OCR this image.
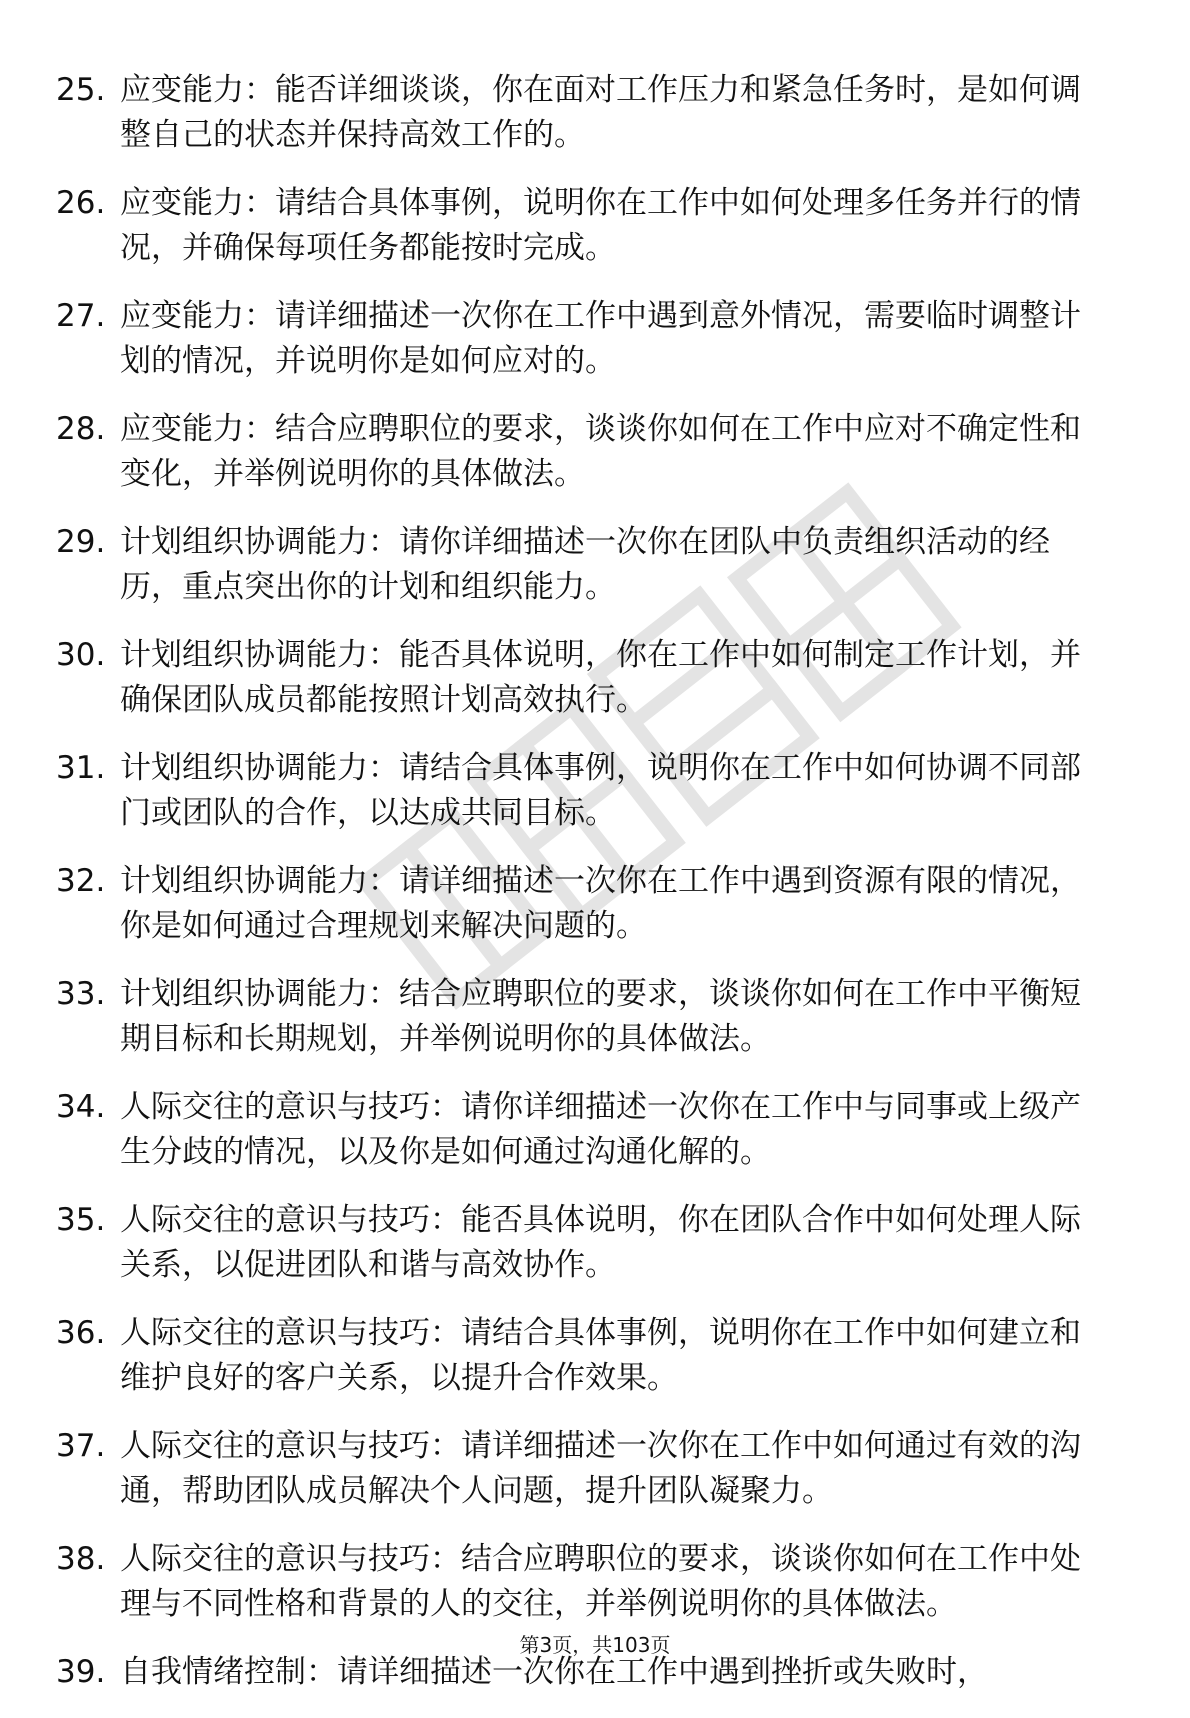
25. 应变能力：能否详细谈谈，你在面对工作压力和紧急任务时，是如何调整自己的状态并保持高效工作的。
26. 应变能力：请结合具体事例，说明你在工作中如何处理多任务并行的情况，并确保每项任务都能按时完成。
27. 应变能力：请详细描述一次你在工作中遇到意外情况，需要临时调整计划的情况，并说明你是如何应对的。
28. 应变能力：结合应聘职位的要求，谈谈你如何在工作中应对不确定性和变化，并举例说明你的具体做法。
29. 计划组织协调能力：请你详细描述一次你在团队中负责组织活动的经历，重点突出你的计划和组织能力。
30. 计划组织协调能力：能否具体说明，你在工作中如何制定工作计划，并确保团队成员都能按照计划高效执行。
31. 计划组织协调能力：请结合具体事例，说明你在工作中如何协调不同部门或团队的合作，以达成共同目标。
32. 计划组织协调能力：请详细描述一次你在工作中遇到资源有限的情况，你是如何通过合理规划来解决问题的。
33. 计划组织协调能力：结合应聘职位的要求，谈谈你如何在工作中平衡短期目标和长期规划，并举例说明你的具体做法。
34. 人际交往的意识与技巧：请你详细描述一次你在工作中与同事或上级产生分歧的情况，以及你是如何通过沟通化解的。
35. 人际交往的意识与技巧：能否具体说明，你在团队合作中如何处理人际关系，以促进团队和谐与高效协作。
36. 人际交往的意识与技巧：请结合具体事例，说明你在工作中如何建立和维护良好的客户关系，以提升合作效果。
37. 人际交往的意识与技巧：请详细描述一次你在工作中如何通过有效的沟通，帮助团队成员解决个人问题，提升团队凝聚力。
38. 人际交往的意识与技巧：结合应聘职位的要求，谈谈你如何在工作中处理与不同性格和背景的人的交往，并举例说明你的具体做法。
39. 自我情绪控制：请详细描述一次你在工作中遇到挫折或失败时，
第3页，共103页
